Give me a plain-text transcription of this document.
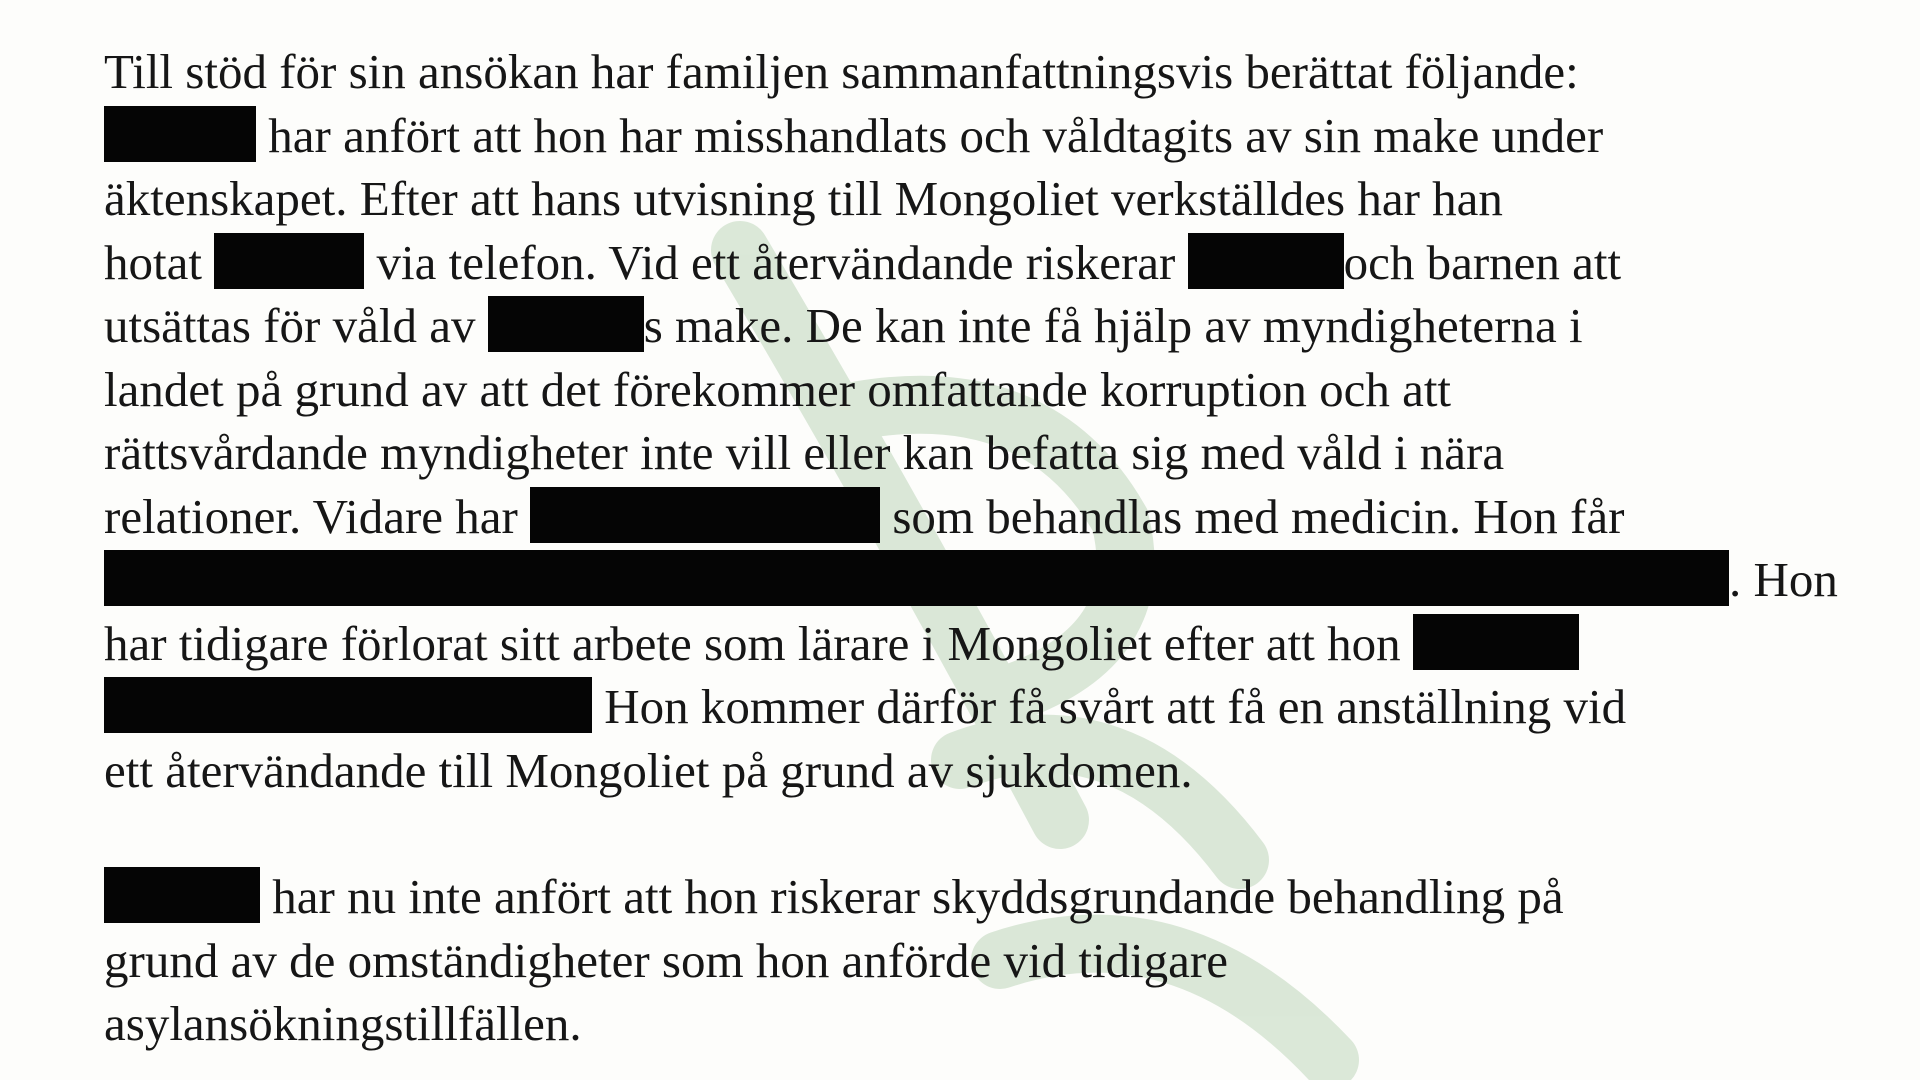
Till stöd för sin ansökan har familjen sammanfattningsvis berättat följande:
har anfört att hon har misshandlats och våldtagits av sin make under
äktenskapet. Efter att hans utvisning till Mongoliet verkställdes har han
hotat	via telefon. Vid ett återvändande riskerar	och barnen att
utsättas för våld av	s make. De kan inte få hjälp av myndigheterna i
landet på grund av att det förekommer omfattande korruption och att
rättsvårdande myndigheter inte vill eller kan befatta sig med våld i nära
relationer. Vidare har	som behandlas med medicin. Hon får
. Hon
har tidigare förlorat sitt arbete som lärare i Mongoliet efter att hon
Hon kommer därför få svårt att få en anställning vid
ett återvändande till Mongoliet på grund av sjukdomen.
har nu inte anfört att hon riskerar skyddsgrundande behandling på
grund av de omständigheter som hon anförde vid tidigare
asylansökningstillfällen.
